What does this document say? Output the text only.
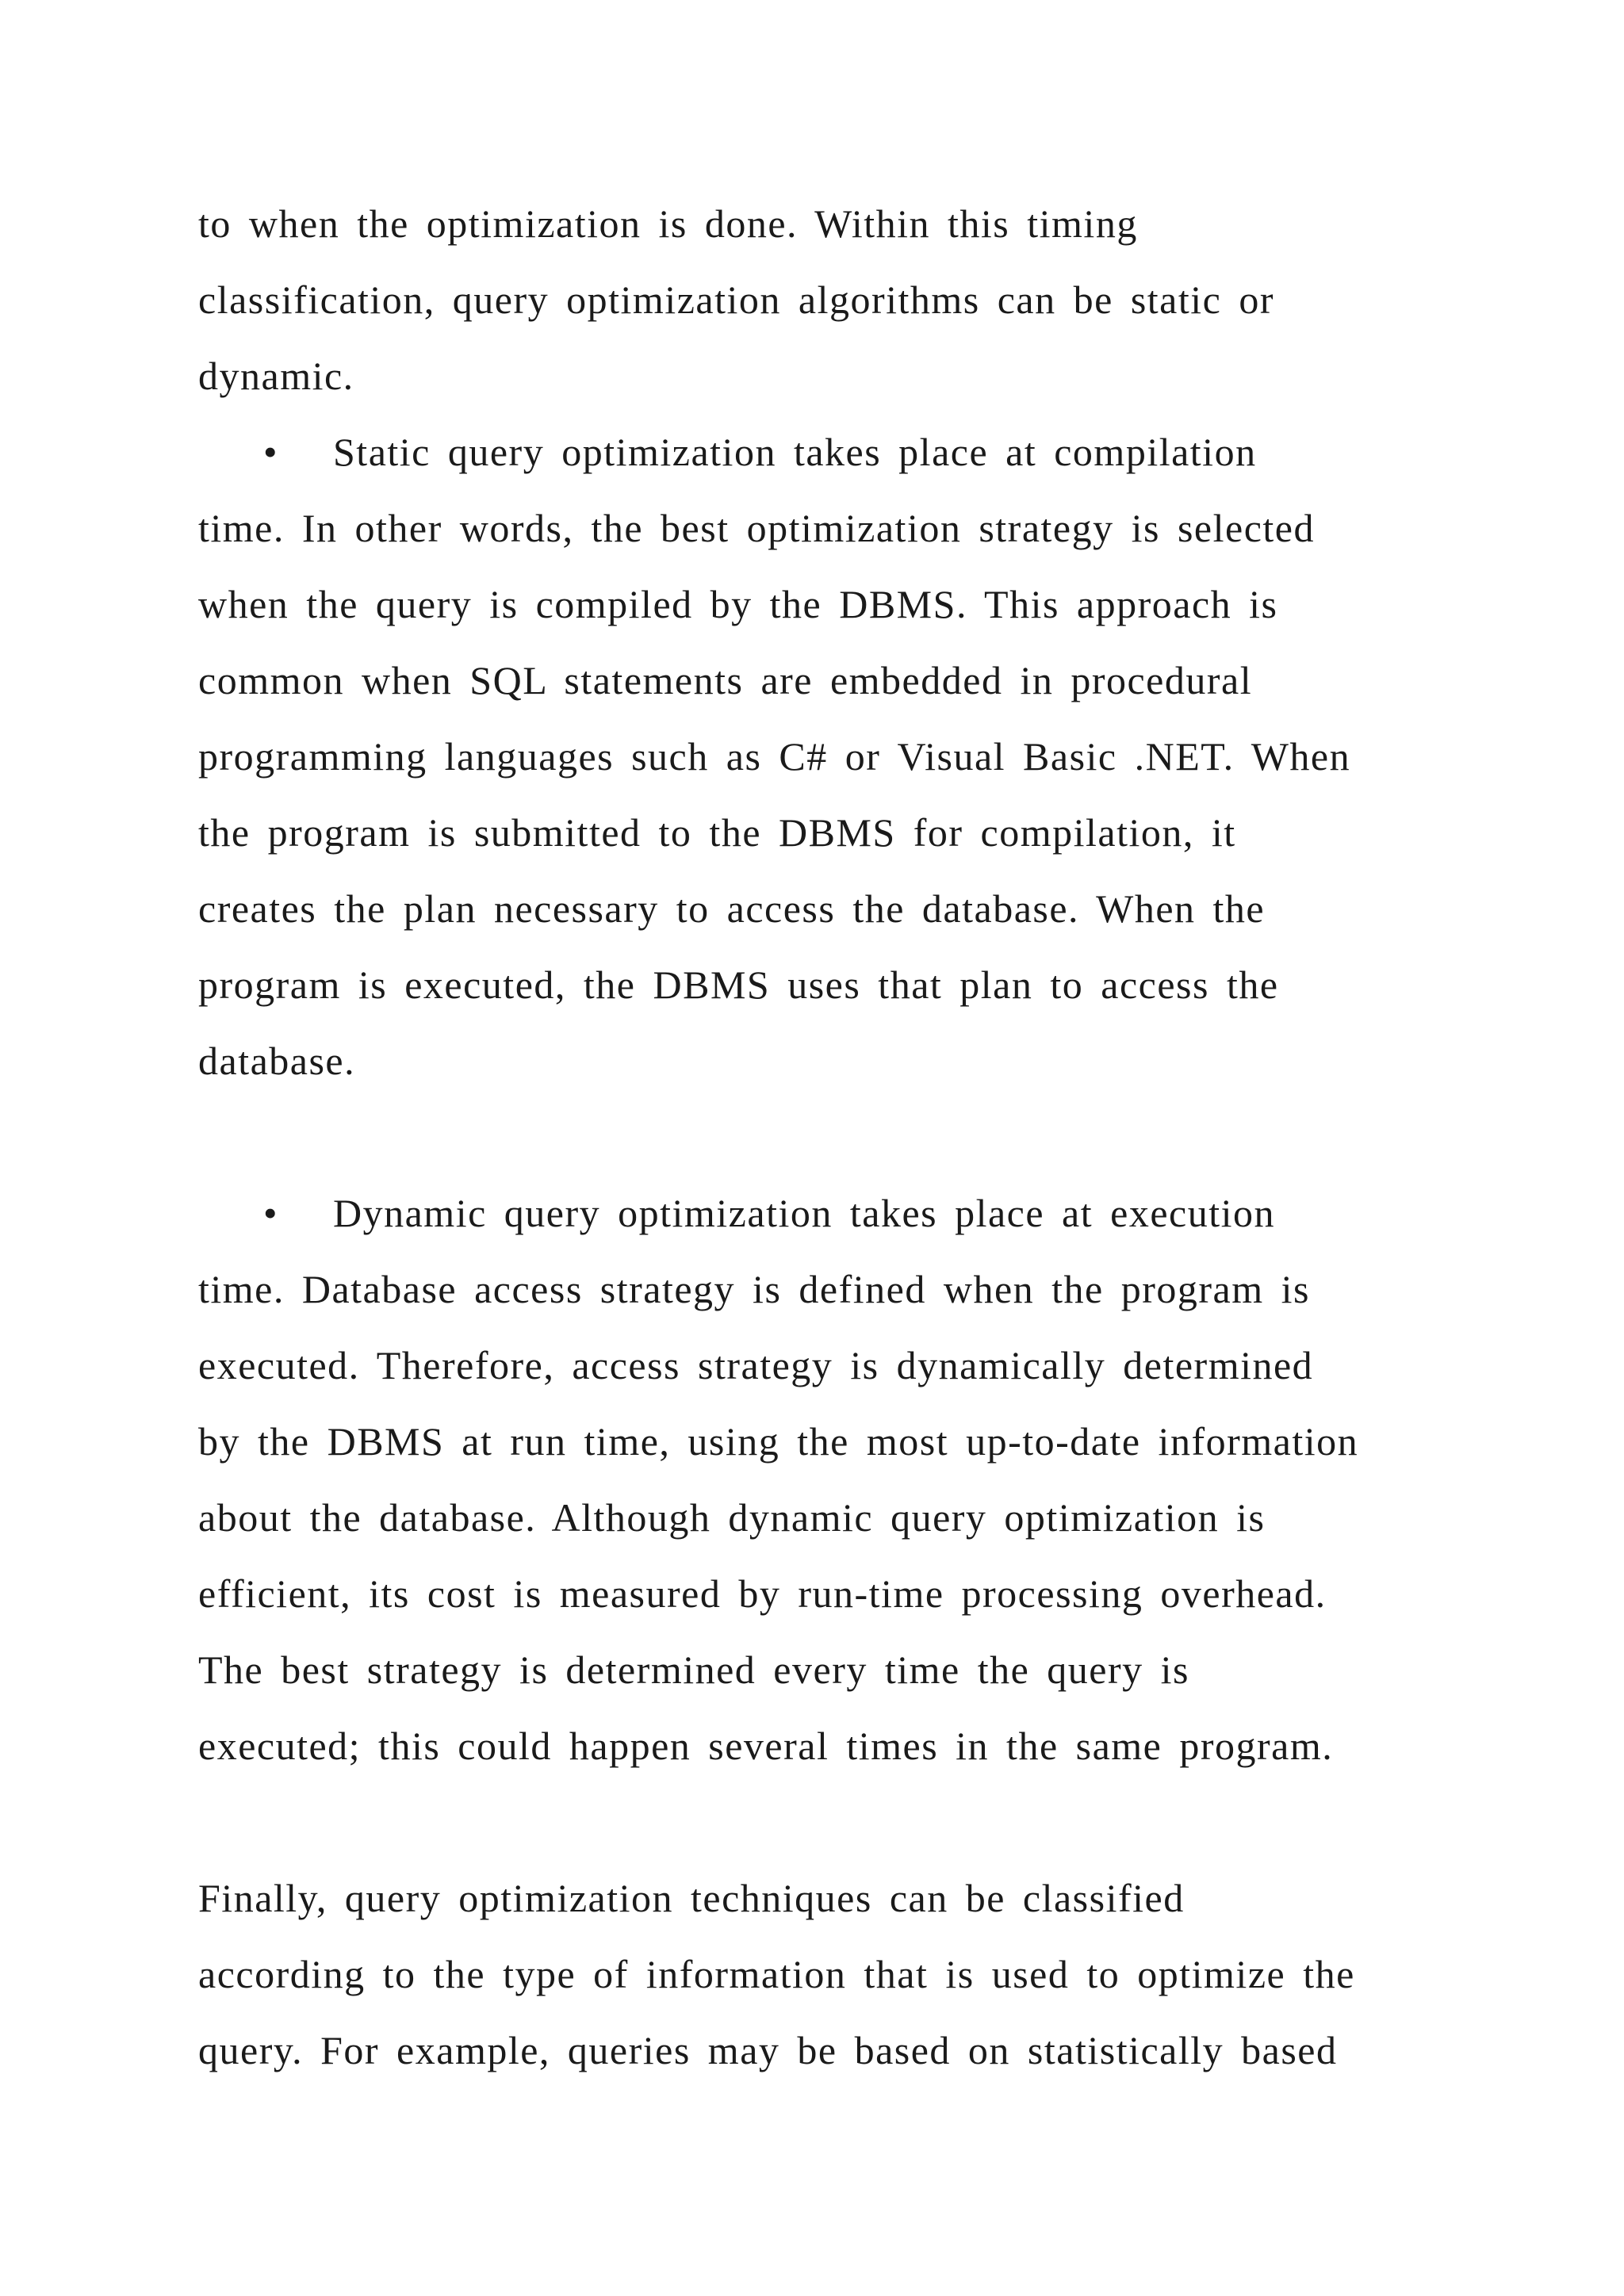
to when the optimization is done. Within this timing
classification, query optimization algorithms can be static or
dynamic.
• Static query optimization takes place at compilation
time. In other words, the best optimization strategy is selected
when the query is compiled by the DBMS. This approach is
common when SQL statements are embedded in procedural
programming languages such as C# or Visual Basic .NET. When
the program is submitted to the DBMS for compilation, it
creates the plan necessary to access the database. When the
program is executed, the DBMS uses that plan to access the
database.
• Dynamic query optimization takes place at execution
time. Database access strategy is defined when the program is
executed. Therefore, access strategy is dynamically determined
by the DBMS at run time, using the most up-to-date information
about the database. Although dynamic query optimization is
efficient, its cost is measured by run-time processing overhead.
The best strategy is determined every time the query is
executed; this could happen several times in the same program.
Finally, query optimization techniques can be classified
according to the type of information that is used to optimize the
query. For example, queries may be based on statistically based
